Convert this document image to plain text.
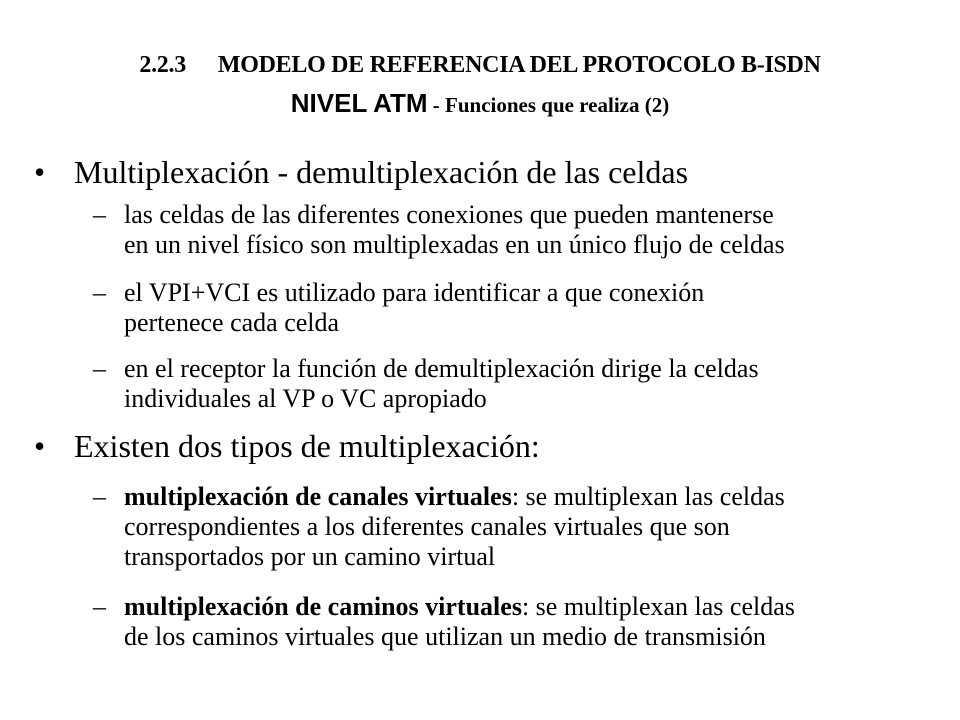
2.2.3 MODELO DE REFERENCIA DEL PROTOCOLO B-ISDN
NIVEL ATM - Funciones que realiza (2)
• Multiplexación - demultiplexación de las celdas
– las celdas de las diferentes conexiones que pueden mantenerse
en un nivel físico son multiplexadas en un único flujo de celdas
– el VPI+VCI es utilizado para identificar a que conexión
pertenece cada celda
– en el receptor la función de demultiplexación dirige la celdas
individuales al VP o VC apropiado
• Existen dos tipos de multiplexación:
– multiplexación de canales virtuales: se multiplexan las celdas
correspondientes a los diferentes canales virtuales que son
transportados por un camino virtual
– multiplexación de caminos virtuales: se multiplexan las celdas
de los caminos virtuales que utilizan un medio de transmisión
